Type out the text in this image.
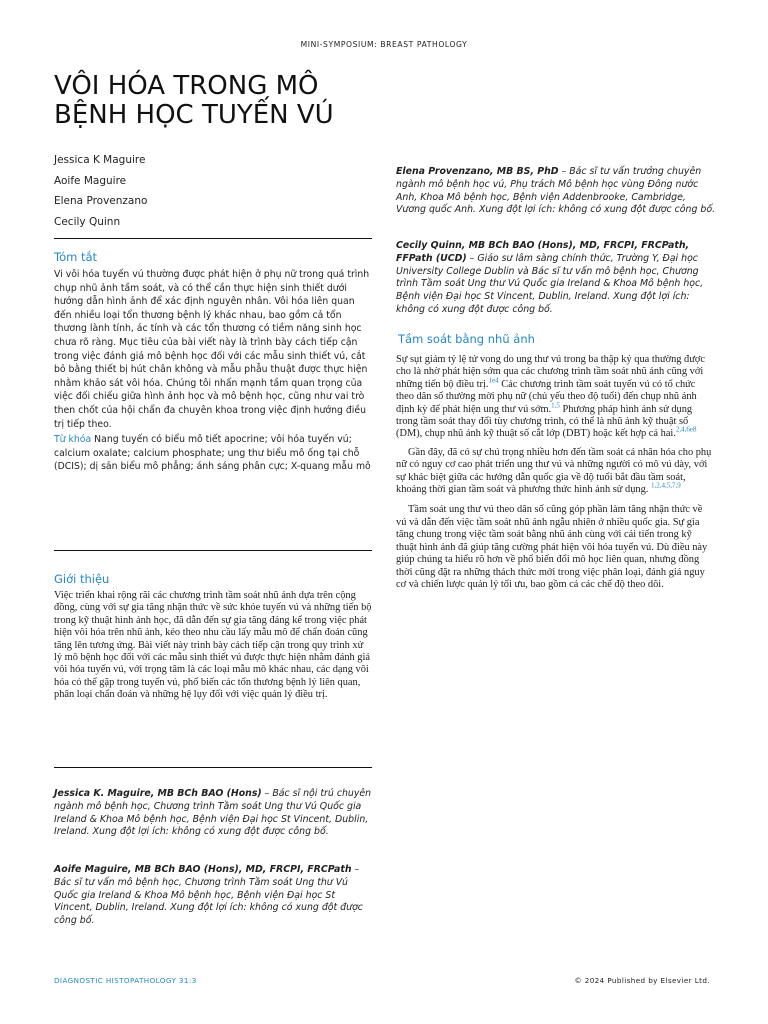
MINI-SYMPOSIUM: BREAST PATHOLOGY
VÔI HÓA TRONG MÔ
BỆNH HỌC TUYẾN VÚ
Jessica K Maguire
Aoife Maguire
Elena Provenzano
Cecily Quinn
Tóm tắt
Vi vôi hóa tuyến vú thường được phát hiện ở phụ nữ trong quá trình chụp nhũ ảnh tầm soát, và có thể cần thực hiện sinh thiết dưới hướng dẫn hình ảnh để xác định nguyên nhân. Vôi hóa liên quan đến nhiều loại tổn thương bệnh lý khác nhau, bao gồm cả tổn thương lành tính, ác tính và các tổn thương có tiềm năng sinh học chưa rõ ràng. Mục tiêu của bài viết này là trình bày cách tiếp cận trong việc đánh giá mô bệnh học đối với các mẫu sinh thiết vú, cắt bỏ bằng thiết bị hút chân không và mẫu phẫu thuật được thực hiện nhằm khảo sát vôi hóa. Chúng tôi nhấn mạnh tầm quan trọng của việc đối chiếu giữa hình ảnh học và mô bệnh học, cũng như vai trò then chốt của hội chẩn đa chuyên khoa trong việc định hướng điều trị tiếp theo.
Từ khóa Nang tuyến có biểu mô tiết apocrine; vôi hóa tuyến vú; calcium oxalate; calcium phosphate; ung thư biểu mô ống tại chỗ (DCIS); dị sản biểu mô phẳng; ánh sáng phân cực; X-quang mẫu mô
Giới thiệu
Việc triển khai rộng rãi các chương trình tầm soát nhũ ảnh dựa trên cộng đồng, cùng với sự gia tăng nhận thức về sức khỏe tuyến vú và những tiến bộ trong kỹ thuật hình ảnh học, đã dẫn đến sự gia tăng đáng kể trong việc phát hiện vôi hóa trên nhũ ảnh, kéo theo nhu cầu lấy mẫu mô để chẩn đoán cũng tăng lên tương ứng. Bài viết này trình bày cách tiếp cận trong quy trình xử lý mô bệnh học đối với các mẫu sinh thiết vú được thực hiện nhằm đánh giá vôi hóa tuyến vú, với trọng tâm là các loại mẫu mô khác nhau, các dạng vôi hóa có thể gặp trong tuyến vú, phổ biến các tổn thương bệnh lý liên quan, phân loại chẩn đoán và những hệ lụy đối với việc quản lý điều trị.
Jessica K. Maguire, MB BCh BAO (Hons) – Bác sĩ nội trú chuyên ngành mô bệnh học, Chương trình Tầm soát Ung thư Vú Quốc gia Ireland & Khoa Mô bệnh học, Bệnh viện Đại học St Vincent, Dublin, Ireland. Xung đột lợi ích: không có xung đột được công bố.
Aoife Maguire, MB BCh BAO (Hons), MD, FRCPI, FRCPath – Bác sĩ tư vấn mô bệnh học, Chương trình Tầm soát Ung thư Vú Quốc gia Ireland & Khoa Mô bệnh học, Bệnh viện Đại học St Vincent, Dublin, Ireland. Xung đột lợi ích: không có xung đột được công bố.
Elena Provenzano, MB BS, PhD – Bác sĩ tư vấn trưởng chuyên ngành mô bệnh học vú, Phụ trách Mô bệnh học vùng Đông nước Anh, Khoa Mô bệnh học, Bệnh viện Addenbrooke, Cambridge, Vương quốc Anh. Xung đột lợi ích: không có xung đột được công bố.
Cecily Quinn, MB BCh BAO (Hons), MD, FRCPI, FRCPath, FFPath (UCD) – Giáo sư lâm sàng chính thức, Trường Y, Đại học University College Dublin và Bác sĩ tư vấn mô bệnh học, Chương trình Tầm soát Ung thư Vú Quốc gia Ireland & Khoa Mô bệnh học, Bệnh viện Đại học St Vincent, Dublin, Ireland. Xung đột lợi ích: không có xung đột được công bố.
Tầm soát bằng nhũ ảnh

Sự sụt giảm tỷ lệ tử vong do ung thư vú trong ba thập kỷ qua thường được cho là nhờ phát hiện sớm qua các chương trình tầm soát nhũ ảnh cũng với những tiến bộ điều trị.$^{1e4}$ Các chương trình tầm soát tuyến vú có tổ chức theo dân số thường mời phụ nữ (chủ yếu theo độ tuổi) đến chụp nhũ ảnh định kỳ để phát hiện ung thư vú sớm.$^{1,5}$ Phương pháp hình ảnh sử dụng trong tầm soát thay đổi tùy chương trình, có thể là nhũ ảnh kỹ thuật số (DM), chụp nhũ ảnh kỹ thuật số cắt lớp (DBT) hoặc kết hợp cả hai.$^{2,4,6e8}$

Gần đây, đã có sự chú trọng nhiều hơn đến tầm soát cá nhân hóa cho phụ nữ có nguy cơ cao phát triển ung thư vú và những người có mô vú dày, với sự khác biệt giữa các hướng dẫn quốc gia về độ tuổi bắt đầu tầm soát, khoảng thời gian tầm soát và phương thức hình ảnh sử dụng. $^{1,2,4,5,7,9}$

Tầm soát ung thư vú theo dân số cũng góp phần làm tăng nhận thức về vú và dẫn đến việc tầm soát nhũ ảnh ngẫu nhiên ở nhiều quốc gia. Sự gia tăng chung trong việc tầm soát bằng nhũ ảnh cùng với cải tiến trong kỹ thuật hình ảnh đã giúp tăng cường phát hiện vôi hóa tuyến vú. Dù điều này giúp chúng ta hiểu rõ hơn về phổ biến đổi mô học liên quan, nhưng đồng thời cũng đặt ra những thách thức mới trong việc phân loại, đánh giá nguy cơ và chiến lược quản lý tối ưu, bao gồm cả các chế độ theo dõi.

DIAGNOSTIC HISTOPATHOLOGY 31:3	© 2024 Published by Elsevier Ltd.
